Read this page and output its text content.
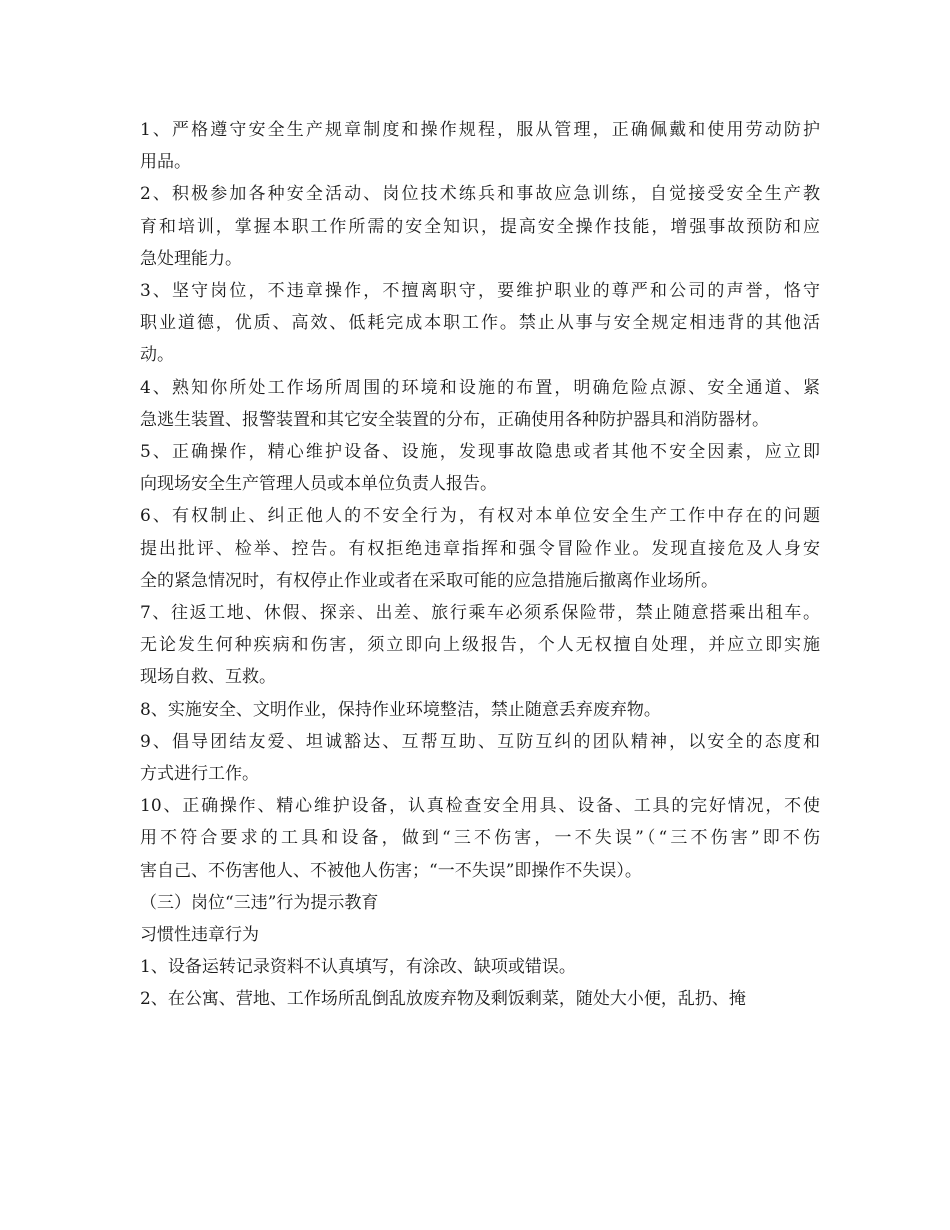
1、严格遵守安全生产规章制度和操作规程，服从管理，正确佩戴和使用劳动防护
用品。
2、积极参加各种安全活动、岗位技术练兵和事故应急训练，自觉接受安全生产教
育和培训，掌握本职工作所需的安全知识，提高安全操作技能，增强事故预防和应
急处理能力。
3、坚守岗位，不违章操作，不擅离职守，要维护职业的尊严和公司的声誉，恪守
职业道德，优质、高效、低耗完成本职工作。禁止从事与安全规定相违背的其他活
动。
4、熟知你所处工作场所周围的环境和设施的布置，明确危险点源、安全通道、紧
急逃生装置、报警装置和其它安全装置的分布，正确使用各种防护器具和消防器材。
5、正确操作，精心维护设备、设施，发现事故隐患或者其他不安全因素，应立即
向现场安全生产管理人员或本单位负责人报告。
6、有权制止、纠正他人的不安全行为，有权对本单位安全生产工作中存在的问题
提出批评、检举、控告。有权拒绝违章指挥和强令冒险作业。发现直接危及人身安
全的紧急情况时，有权停止作业或者在采取可能的应急措施后撤离作业场所。
7、往返工地、休假、探亲、出差、旅行乘车必须系保险带，禁止随意搭乘出租车。
无论发生何种疾病和伤害，须立即向上级报告，个人无权擅自处理，并应立即实施
现场自救、互救。
8、实施安全、文明作业，保持作业环境整洁，禁止随意丢弃废弃物。
9、倡导团结友爱、坦诚豁达、互帮互助、互防互纠的团队精神，以安全的态度和
方式进行工作。
10、正确操作、精心维护设备，认真检查安全用具、设备、工具的完好情况，不使
用不符合要求的工具和设备，做到“三不伤害，一不失误”（“三不伤害”即不伤
害自己、不伤害他人、不被他人伤害；“一不失误”即操作不失误）。
（三）岗位“三违”行为提示教育
习惯性违章行为
1、设备运转记录资料不认真填写，有涂改、缺项或错误。
2、在公寓、营地、工作场所乱倒乱放废弃物及剩饭剩菜，随处大小便，乱扔、掩
